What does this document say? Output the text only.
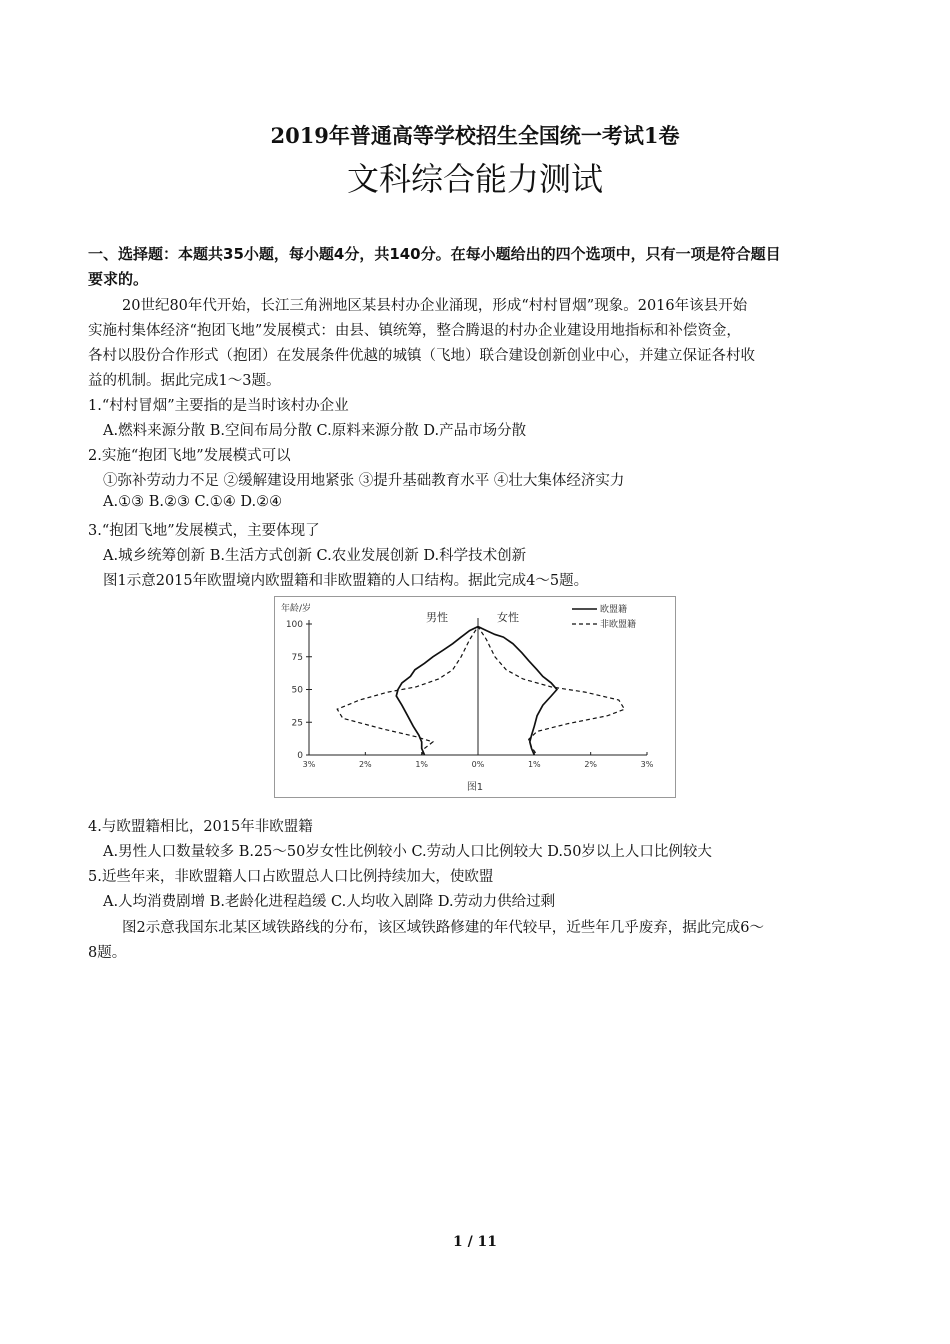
2019年普通高等学校招生全国统一考试1卷
文科综合能力测试
一、选择题：本题共35小题，每小题4分，共140分。在每小题给出的四个选项中，只有一项是符合题目
要求的。
20世纪80年代开始，长江三角洲地区某县村办企业涌现，形成“村村冒烟”现象。2016年该县开始
实施村集体经济“抱团飞地”发展模式：由县、镇统筹，整合腾退的村办企业建设用地指标和补偿资金，
各村以股份合作形式（抱团）在发展条件优越的城镇（飞地）联合建设创新创业中心，并建立保证各村收
益的机制。据此完成1～3题。
1.“村村冒烟”主要指的是当时该村办企业
A.燃料来源分散 B.空间布局分散 C.原料来源分散 D.产品市场分散
2.实施“抱团飞地”发展模式可以
①弥补劳动力不足 ②缓解建设用地紧张 ③提升基础教育水平 ④壮大集体经济实力
A.①③ B.②③ C.①④ D.②④
3.“抱团飞地”发展模式，主要体现了
A.城乡统筹创新 B.生活方式创新 C.农业发展创新 D.科学技术创新
图1示意2015年欧盟境内欧盟籍和非欧盟籍的人口结构。据此完成4～5题。
0
25
50
75
100
3%	2%	1%	0%	1%	2%	3%
年龄/岁
男性	女性
欧盟籍
非欧盟籍
图1
4.与欧盟籍相比，2015年非欧盟籍
A.男性人口数量较多 B.25～50岁女性比例较小 C.劳动人口比例较大 D.50岁以上人口比例较大
5.近些年来，非欧盟籍人口占欧盟总人口比例持续加大，使欧盟
A.人均消费剧增 B.老龄化进程趋缓 C.人均收入剧降 D.劳动力供给过剩
图2示意我国东北某区域铁路线的分布，该区域铁路修建的年代较早，近些年几乎废弃，据此完成6～
8题。
1 / 11
